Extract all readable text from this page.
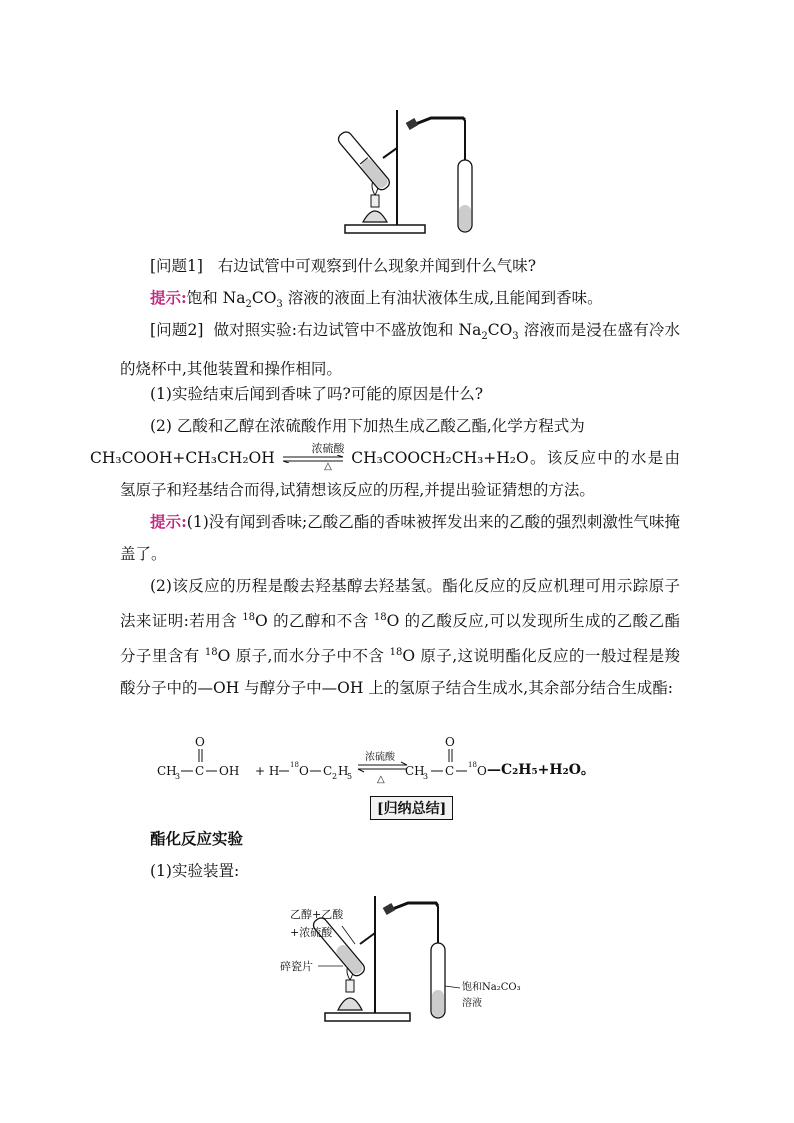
[问题1] 右边试管中可观察到什么现象并闻到什么气味?
提示:饱和 $Na_2CO_3$ 溶液的液面上有油状液体生成,且能闻到香味。
[问题2] 做对照实验:右边试管中不盛放饱和 $Na_2CO_3$ 溶液而是浸在盛有冷水的烧杯中,其他装置和操作相同。
(1)实验结束后闻到香味了吗?可能的原因是什么?
(2) 乙酸和乙醇在浓硫酸作用下加热生成乙酸乙酯,化学方程式为
CH₃COOH+CH₃CH₂OH
浓硫酸
△	CH₃COOCH₂CH₃+H₂O。该反应中的水是由氢原子和羟基结合而得,试猜想该反应的历程,并提出验证猜想的方法。
提示:(1)没有闻到香味;乙酸乙酯的香味被挥发出来的乙酸的强烈刺激性气味掩盖了。
(2)该反应的历程是酸去羟基醇去羟基氢。酯化反应的反应机理可用示踪原子法来证明:若用含 $^{18}$O 的乙醇和不含 $^{18}$O 的乙酸反应,可以发现所生成的乙酸乙酯分子里含有 $^{18}$O 原子,而水分子中不含 $^{18}$O 原子,这说明酯化反应的一般过程是羧酸分子中的—OH 与醇分子中—OH 上的氢原子结合生成水,其余部分结合生成酯:
O
CH
3 C OH + H 18 O C 2 H
5
浓硫酸
△
O
CH
3 C 18 O —C₂H₅+H₂O。
[归纳总结]
酯化反应实验
(1)实验装置:
乙醇+乙酸
+浓硫酸
碎瓷片
饱和Na₂CO₃
溶液
